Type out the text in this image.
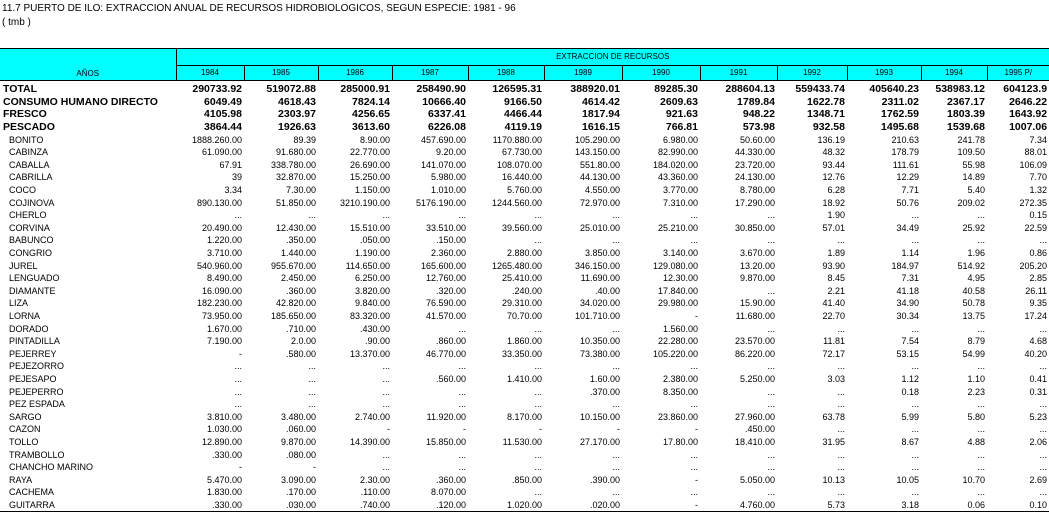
11.7 PUERTO DE ILO: EXTRACCION ANUAL DE RECURSOS HIDROBIOLOGICOS, SEGUN ESPECIE: 1981 - 96
( tmb )
AÑOS	EXTRACCION DE RECURSOS											
	1984	1985	1986	1987	1988	1989	1990	1991	1992	1993	1994	1995 P/
TOTAL	290733.92	519072.88	285000.91	258490.90	126595.31	388920.01	89285.30	288604.13	559433.74	405640.23	538983.12	604123.9
CONSUMO HUMANO DIRECTO	6049.49	4618.43	7824.14	10666.40	9166.50	4614.42	2609.63	1789.84	1622.78	2311.02	2367.17	2646.22
FRESCO	4105.98	2303.97	4256.65	6337.41	4466.44	1817.94	921.63	948.22	1348.71	1762.59	1803.39	1643.92
PESCADO	3864.44	1926.63	3613.60	6226.08	4119.19	1616.15	766.81	573.98	932.58	1495.68	1539.68	1007.06
BONITO	1888.260.00	89.39	8.90.00	457.690.00	1170.880.00	105.290.00	6.980.00	50.60.00	136.19	210.63	241.78	7.34
CABINZA	61.090.00	91.680.00	22.770.00	9.20.00	67.730.00	143.150.00	82.990.00	44.330.00	48.32	178.79	109.50	88.01
CABALLA	67.91	338.780.00	26.690.00	141.070.00	108.070.00	551.80.00	184.020.00	23.720.00	93.44	111.61	55.98	106.09
CABRILLA	39	32.870.00	15.250.00	5.980.00	16.440.00	44.130.00	43.360.00	24.130.00	12.76	12.29	14.89	7.70
COCO	3.34	7.30.00	1.150.00	1.010.00	5.760.00	4.550.00	3.770.00	8.780.00	6.28	7.71	5.40	1.32
COJINOVA	890.130.00	51.850.00	3210.190.00	5176.190.00	1244.560.00	72.970.00	7.310.00	17.290.00	18.92	50.76	209.02	272.35
CHERLO	...	...	...	...	...	...	...	...	1.90	...	...	0.15
CORVINA	20.490.00	12.430.00	15.510.00	33.510.00	39.560.00	25.010.00	25.210.00	30.850.00	57.01	34.49	25.92	22.59
BABUNCO	1.220.00	.350.00	.050.00	.150.00	...	...	...	...	...	...	...	...
CONGRIO	3.710.00	1.440.00	1.190.00	2.360.00	2.880.00	3.850.00	3.140.00	3.670.00	1.89	1.14	1.96	0.86
JUREL	540.960.00	955.670.00	114.650.00	165.600.00	1265.480.00	346.150.00	129.080.00	13.20.00	93.90	184.97	514.92	205.20
LENGUADO	8.490.00	2.450.00	6.250.00	12.760.00	25.410.00	11.690.00	12.30.00	9.870.00	8.45	7.31	4.95	2.85
DIAMANTE	16.090.00	.360.00	3.820.00	.320.00	.240.00	.40.00	17.840.00	...	2.21	41.18	40.58	26.11
LIZA	182.230.00	42.820.00	9.840.00	76.590.00	29.310.00	34.020.00	29.980.00	15.90.00	41.40	34.90	50.78	9.35
LORNA	73.950.00	185.650.00	83.320.00	41.570.00	70.70.00	101.710.00	-	11.680.00	22.70	30.34	13.75	17.24
DORADO	1.670.00	.710.00	.430.00	...	...	...	1.560.00	...	...	...	...	...
PINTADILLA	7.190.00	2.0.00	.90.00	.860.00	1.860.00	10.350.00	22.280.00	23.570.00	11.81	7.54	8.79	4.68
PEJERREY	-	.580.00	13.370.00	46.770.00	33.350.00	73.380.00	105.220.00	86.220.00	72.17	53.15	54.99	40.20
PEJEZORRO	...	...	...	...	...	...	...	...	...	...	...	...
PEJESAPO	...	...	...	.560.00	1.410.00	1.60.00	2.380.00	5.250.00	3.03	1.12	1.10	0.41
PEJEPERRO	...	...	...	...	...	.370.00	8.350.00	...	...	0.18	2.23	0.31
PEZ ESPADA	...	...	...	...	...	...	...	...	...	...	...	...
SARGO	3.810.00	3.480.00	2.740.00	11.920.00	8.170.00	10.150.00	23.860.00	27.960.00	63.78	5.99	5.80	5.23
CAZON	1.030.00	.060.00	-	-	-	-	-	.450.00	...	...	...	...
TOLLO	12.890.00	9.870.00	14.390.00	15.850.00	11.530.00	27.170.00	17.80.00	18.410.00	31.95	8.67	4.88	2.06
TRAMBOLLO	.330.00	.080.00	...	...	...	...	...	...	...	...	...	...
CHANCHO MARINO	-	-	...	...	...	...	...	...	...	...	...	...
RAYA	5.470.00	3.090.00	2.30.00	.360.00	.850.00	.390.00	-	5.050.00	10.13	10.05	10.70	2.69
CACHEMA	1.830.00	.170.00	.110.00	8.070.00	...	...	...	...	...	...	...	...
GUITARRA	.330.00	.030.00	.740.00	.120.00	1.020.00	.020.00	-	4.760.00	5.73	3.18	0.06	0.10
